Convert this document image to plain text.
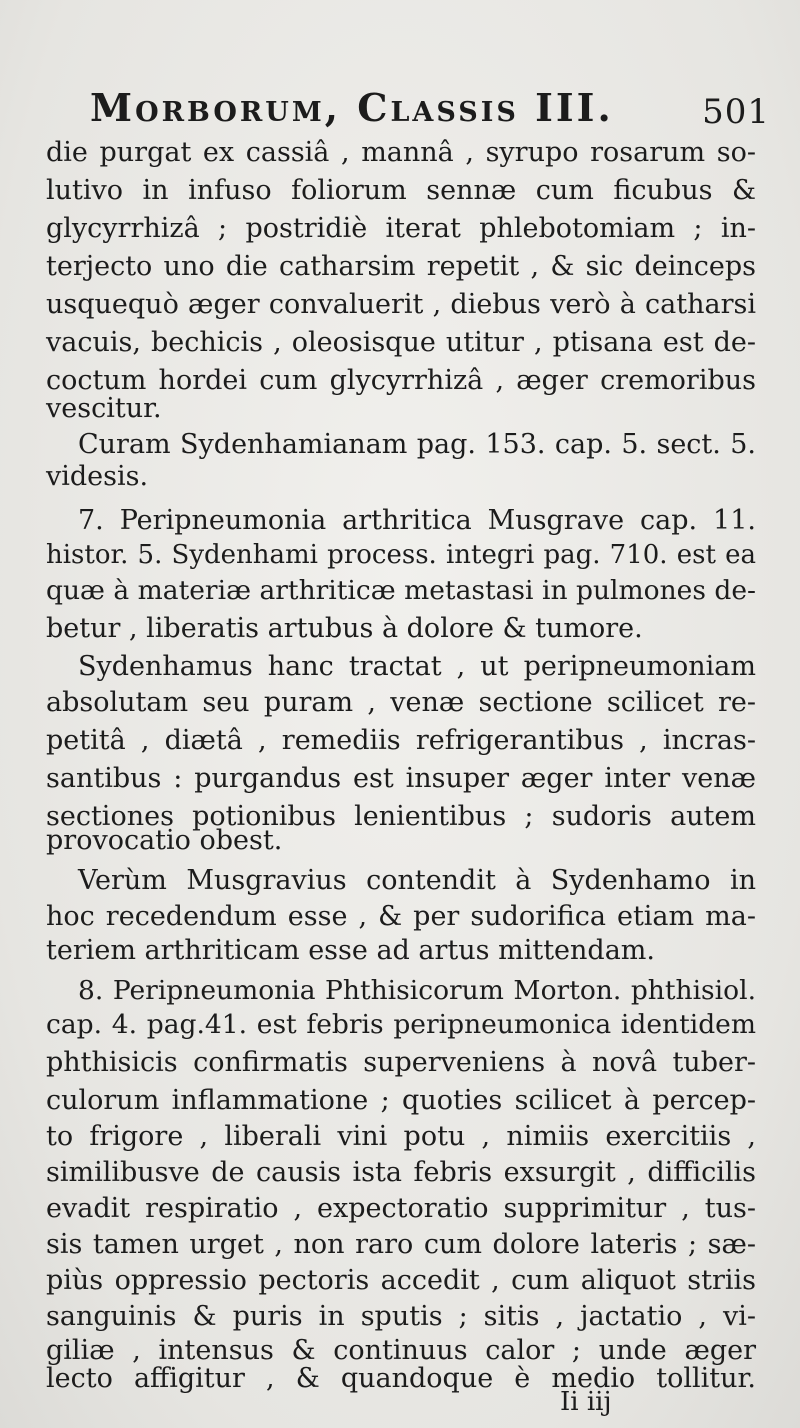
Morborum, Classis III.	501
die purgat ex cassiâ , mannâ , syrupo rosarum so-
lutivo in infuso foliorum sennæ cum ficubus &
glycyrrhizâ ; postridiè iterat phlebotomiam ; in-
terjecto uno die catharsim repetit , & sic deinceps
usquequò æger convaluerit , diebus verò à catharsi
vacuis, bechicis , oleosisque utitur , ptisana est de-
coctum hordei cum glycyrrhizâ , æger cremoribus
vescitur.
Curam Sydenhamianam pag. 153. cap. 5. sect. 5.
videsis.
7. Peripneumonia arthritica Musgrave cap. 11.
histor. 5. Sydenhami process. integri pag. 710. est ea
quæ à materiæ arthriticæ metastasi in pulmones de-
betur , liberatis artubus à dolore & tumore.
Sydenhamus hanc tractat , ut peripneumoniam
absolutam seu puram , venæ sectione scilicet re-
petitâ , diætâ , remediis refrigerantibus , incras-
santibus : purgandus est insuper æger inter venæ
sectiones potionibus lenientibus ; sudoris autem
provocatio obest.
Verùm Musgravius contendit à Sydenhamo in
hoc recedendum esse , & per sudorifica etiam ma-
teriem arthriticam esse ad artus mittendam.
8. Peripneumonia Phthisicorum Morton. phthisiol.
cap. 4. pag.41. est febris peripneumonica identidem
phthisicis confirmatis superveniens à novâ tuber-
culorum inflammatione ; quoties scilicet à percep-
to frigore , liberali vini potu , nimiis exercitiis ,
similibusve de causis ista febris exsurgit , difficilis
evadit respiratio , expectoratio supprimitur , tus-
sis tamen urget , non raro cum dolore lateris ; sæ-
piùs oppressio pectoris accedit , cum aliquot striis
sanguinis & puris in sputis ; sitis , jactatio , vi-
giliæ , intensus & continuus calor ; unde æger
lecto affigitur , & quandoque è medio tollitur.
Ii iij
